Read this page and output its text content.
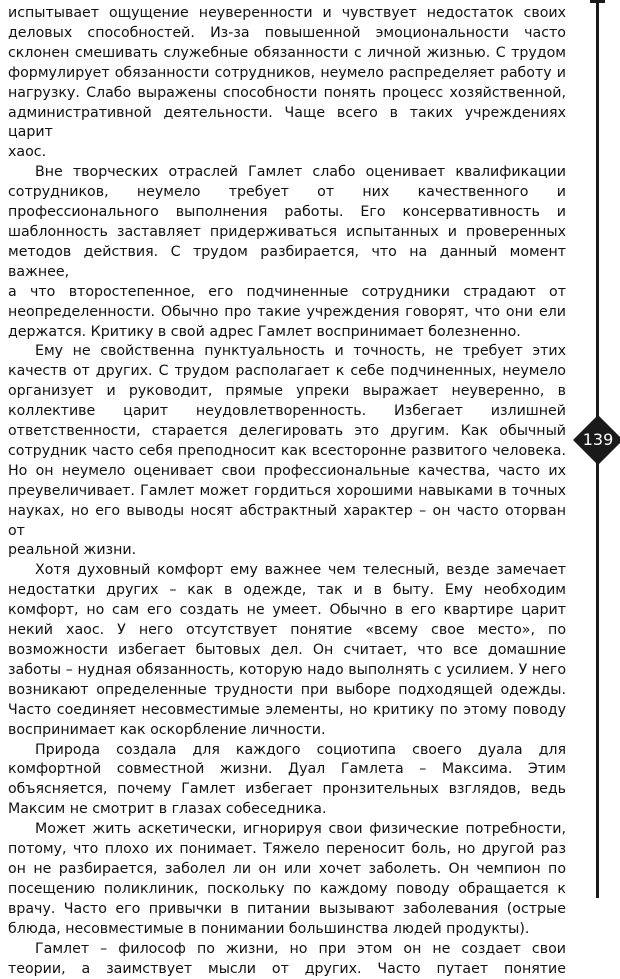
испытывает ощущение неуверенности и чувствует недостаток своих

деловых способностей. Из-за повышенной эмоциональности часто

склонен смешивать служебные обязанности с личной жизнью. С трудом

формулирует обязанности сотрудников, неумело распределяет работу и

нагрузку. Слабо выражены способности понять процесс хозяйственной,

административной деятельности. Чаще всего в таких учреждениях царит

хаос.

Вне творческих отраслей Гамлет слабо оценивает квалификации

сотрудников, неумело требует от них качественного и

профессионального выполнения работы. Его консервативность и

шаблонность заставляет придерживаться испытанных и проверенных

методов действия. С трудом разбирается, что на данный момент важнее,

а что второстепенное, его подчиненные сотрудники страдают от

неопределенности. Обычно про такие учреждения говорят, что они ели

держатся. Критику в свой адрес Гамлет воспринимает болезненно.

Ему не свойственна пунктуальность и точность, не требует этих

качеств от других. С трудом располагает к себе подчиненных, неумело

организует и руководит, прямые упреки выражает неуверенно, в

коллективе царит неудовлетворенность. Избегает излишней

ответственности, старается делегировать это другим. Как обычный

сотрудник часто себя преподносит как всесторонне развитого человека.

Но он неумело оценивает свои профессиональные качества, часто их

преувеличивает. Гамлет может гордиться хорошими навыками в точных

науках, но его выводы носят абстрактный характер – он часто оторван от

реальной жизни.

Хотя духовный комфорт ему важнее чем телесный, везде замечает

недостатки других – как в одежде, так и в быту. Ему необходим

комфорт, но сам его создать не умеет. Обычно в его квартире царит

некий хаос. У него отсутствует понятие «всему свое место», по

возможности избегает бытовых дел. Он считает, что все домашние

заботы – нудная обязанность, которую надо выполнять с усилием. У него

возникают определенные трудности при выборе подходящей одежды.

Часто соединяет несовместимые элементы, но критику по этому поводу

воспринимает как оскорбление личности.

Природа создала для каждого социотипа своего дуала для

комфортной совместной жизни. Дуал Гамлета – Максима. Этим

объясняется, почему Гамлет избегает пронзительных взглядов, ведь

Максим не смотрит в глазах собеседника.

Может жить аскетически, игнорируя свои физические потребности,

потому, что плохо их понимает. Тяжело переносит боль, но другой раз

он не разбирается, заболел ли он или хочет заболеть. Он чемпион по

посещению поликлиник, поскольку по каждому поводу обращается к

врачу. Часто его привычки в питании вызывают заболевания (острые

блюда, несовместимые в понимании большинства людей продукты).

Гамлет – философ по жизни, но при этом он не создает свои

теории, а заимствует мысли от других. Часто путает понятие

139
